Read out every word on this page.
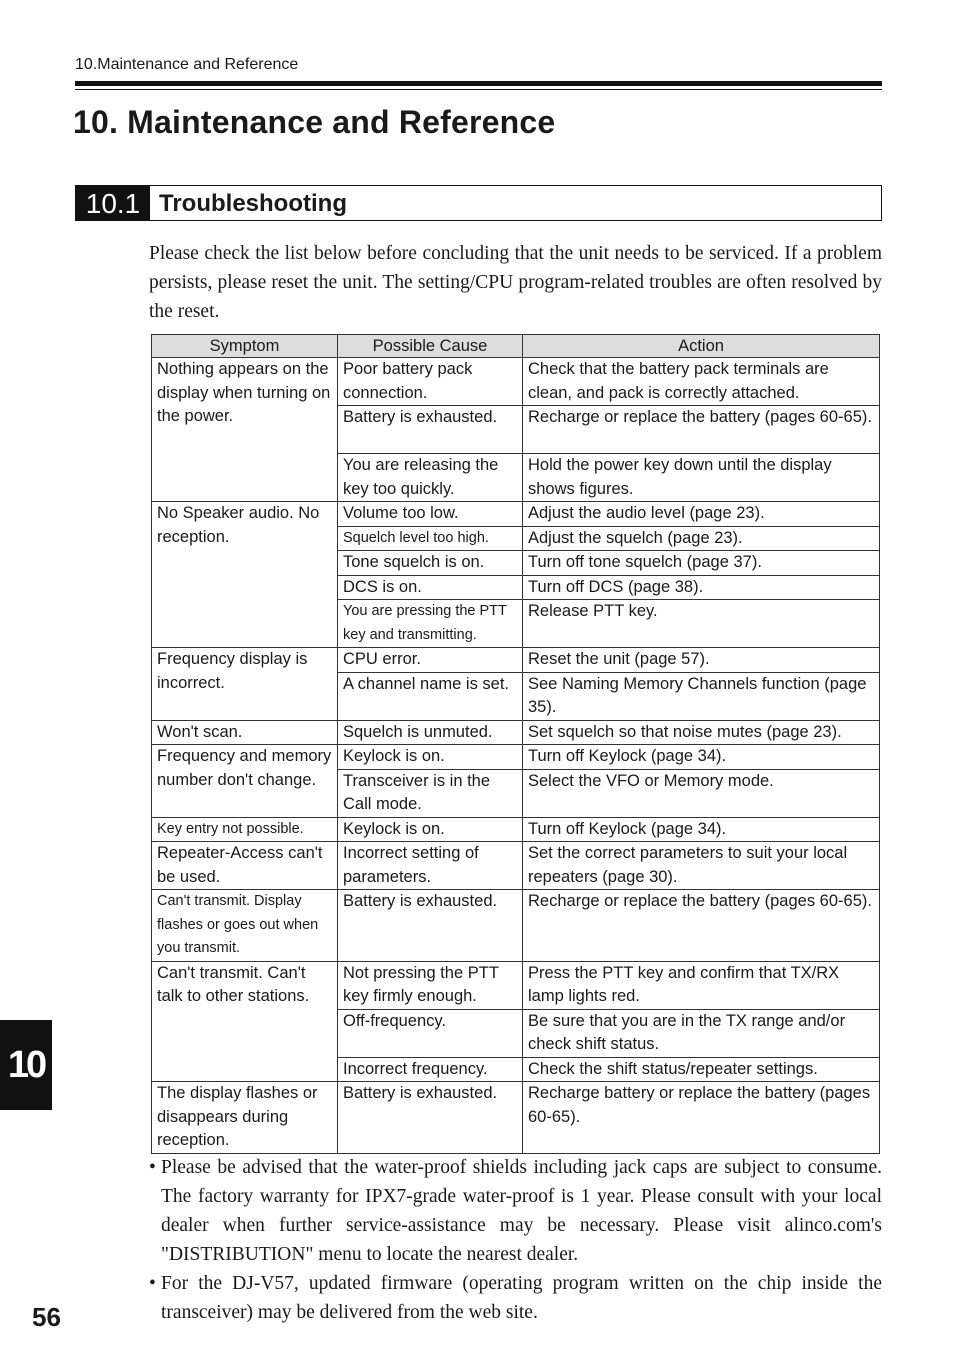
10.Maintenance and Reference
10. Maintenance and Reference
10.1 Troubleshooting

Please check the list below before concluding that the unit needs to be serviced. If a problem persists, please reset the unit. The setting/CPU program-related troubles are often resolved by the reset.

Symptom	Possible Cause	Action
Nothing appears on the display when turning on the power.	Poor battery pack connection.	Check that the battery pack terminals are clean, and pack is correctly attached.
	Battery is exhausted.	Recharge or replace the battery (pages 60-65).
	You are releasing the key too quickly.	Hold the power key down until the display shows figures.
No Speaker audio. No reception.	Volume too low.	Adjust the audio level (page 23).
	Squelch level too high.	Adjust the squelch (page 23).
	Tone squelch is on.	Turn off tone squelch (page 37).
	DCS is on.	Turn off DCS (page 38).
	You are pressing the PTT key and transmitting.	Release PTT key.
Frequency display is incorrect.	CPU error.	Reset the unit (page 57).
	A channel name is set.	See Naming Memory Channels function (page 35).
Won't scan.	Squelch is unmuted.	Set squelch so that noise mutes (page 23).
Frequency and memory number don't change.	Keylock is on.	Turn off Keylock (page 34).
	Transceiver is in the Call mode.	Select the VFO or Memory mode.
Key entry not possible.	Keylock is on.	Turn off Keylock (page 34).
Repeater-Access can't be used.	Incorrect setting of parameters.	Set the correct parameters to suit your local repeaters (page 30).
Can't transmit. Display flashes or goes out when you transmit.	Battery is exhausted.	Recharge or replace the battery (pages 60-65).
Can't transmit. Can't talk to other stations.	Not pressing the PTT key firmly enough.	Press the PTT key and confirm that TX/RX lamp lights red.
	Off-frequency.	Be sure that you are in the TX range and/or check shift status.
	Incorrect frequency.	Check the shift status/repeater settings.
The display flashes or disappears during reception.	Battery is exhausted.	Recharge battery or replace the battery (pages 60-65).
• Please be advised that the water-proof shields including jack caps are subject to consume. The factory warranty for IPX7-grade water-proof is 1 year. Please consult with your local dealer when further service-assistance may be necessary. Please visit alinco.com's "DISTRIBUTION" menu to locate the nearest dealer.
• For the DJ-V57, updated firmware (operating program written on the chip inside the transceiver) may be delivered from the web site.
10
56
